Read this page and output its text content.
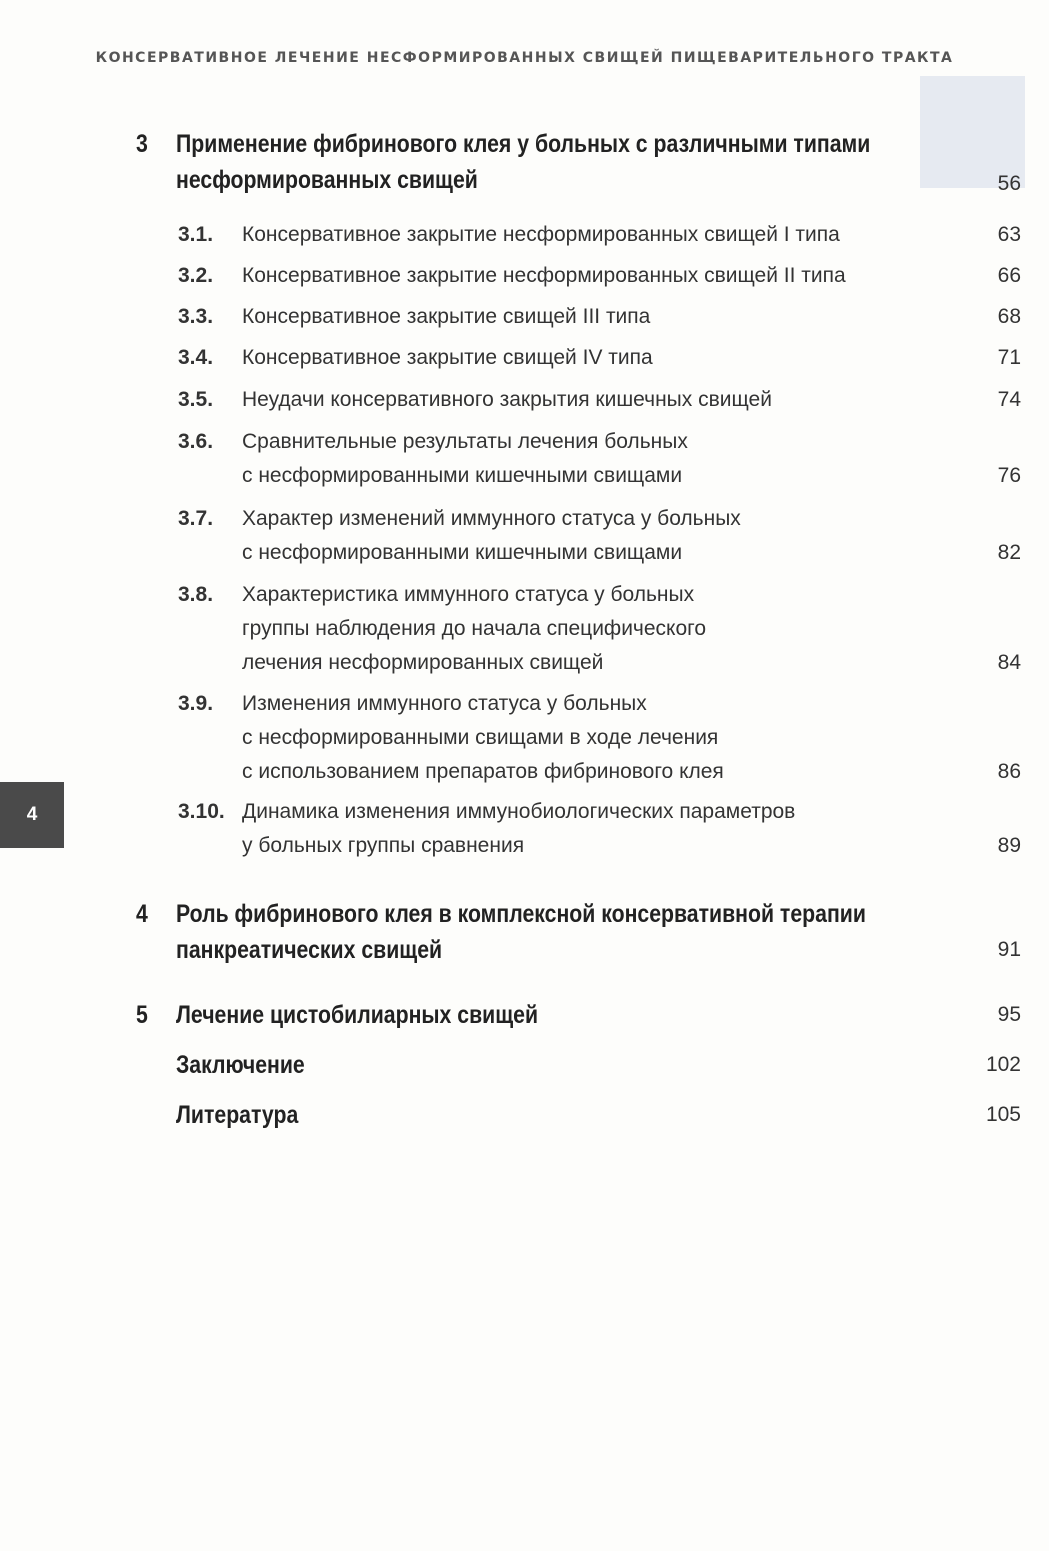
КОНСЕРВАТИВНОЕ ЛЕЧЕНИЕ НЕСФОРМИРОВАННЫХ СВИЩЕЙ ПИЩЕВАРИТЕЛЬНОГО ТРАКТА
4
3 Применение фибринового клея у больных с различными типами
несформированных свищей	56
3.1. Консервативное закрытие несформированных свищей I типа	63
3.2. Консервативное закрытие несформированных свищей II типа	66
3.3. Консервативное закрытие свищей III типа	68
3.4. Консервативное закрытие свищей IV типа	71
3.5. Неудачи консервативного закрытия кишечных свищей	74
3.6. Сравнительные результаты лечения больных
с несформированными кишечными свищами	76
3.7. Характер изменений иммунного статуса у больных
с несформированными кишечными свищами	82
3.8. Характеристика иммунного статуса у больных
группы наблюдения до начала специфического
лечения несформированных свищей	84
3.9. Изменения иммунного статуса у больных
с несформированными свищами в ходе лечения
с использованием препаратов фибринового клея	86
3.10. Динамика изменения иммунобиологических параметров
у больных группы сравнения	89
4 Роль фибринового клея в комплексной консервативной терапии
панкреатических свищей	91
5 Лечение цистобилиарных свищей	95
Заключение	102
Литература	105
